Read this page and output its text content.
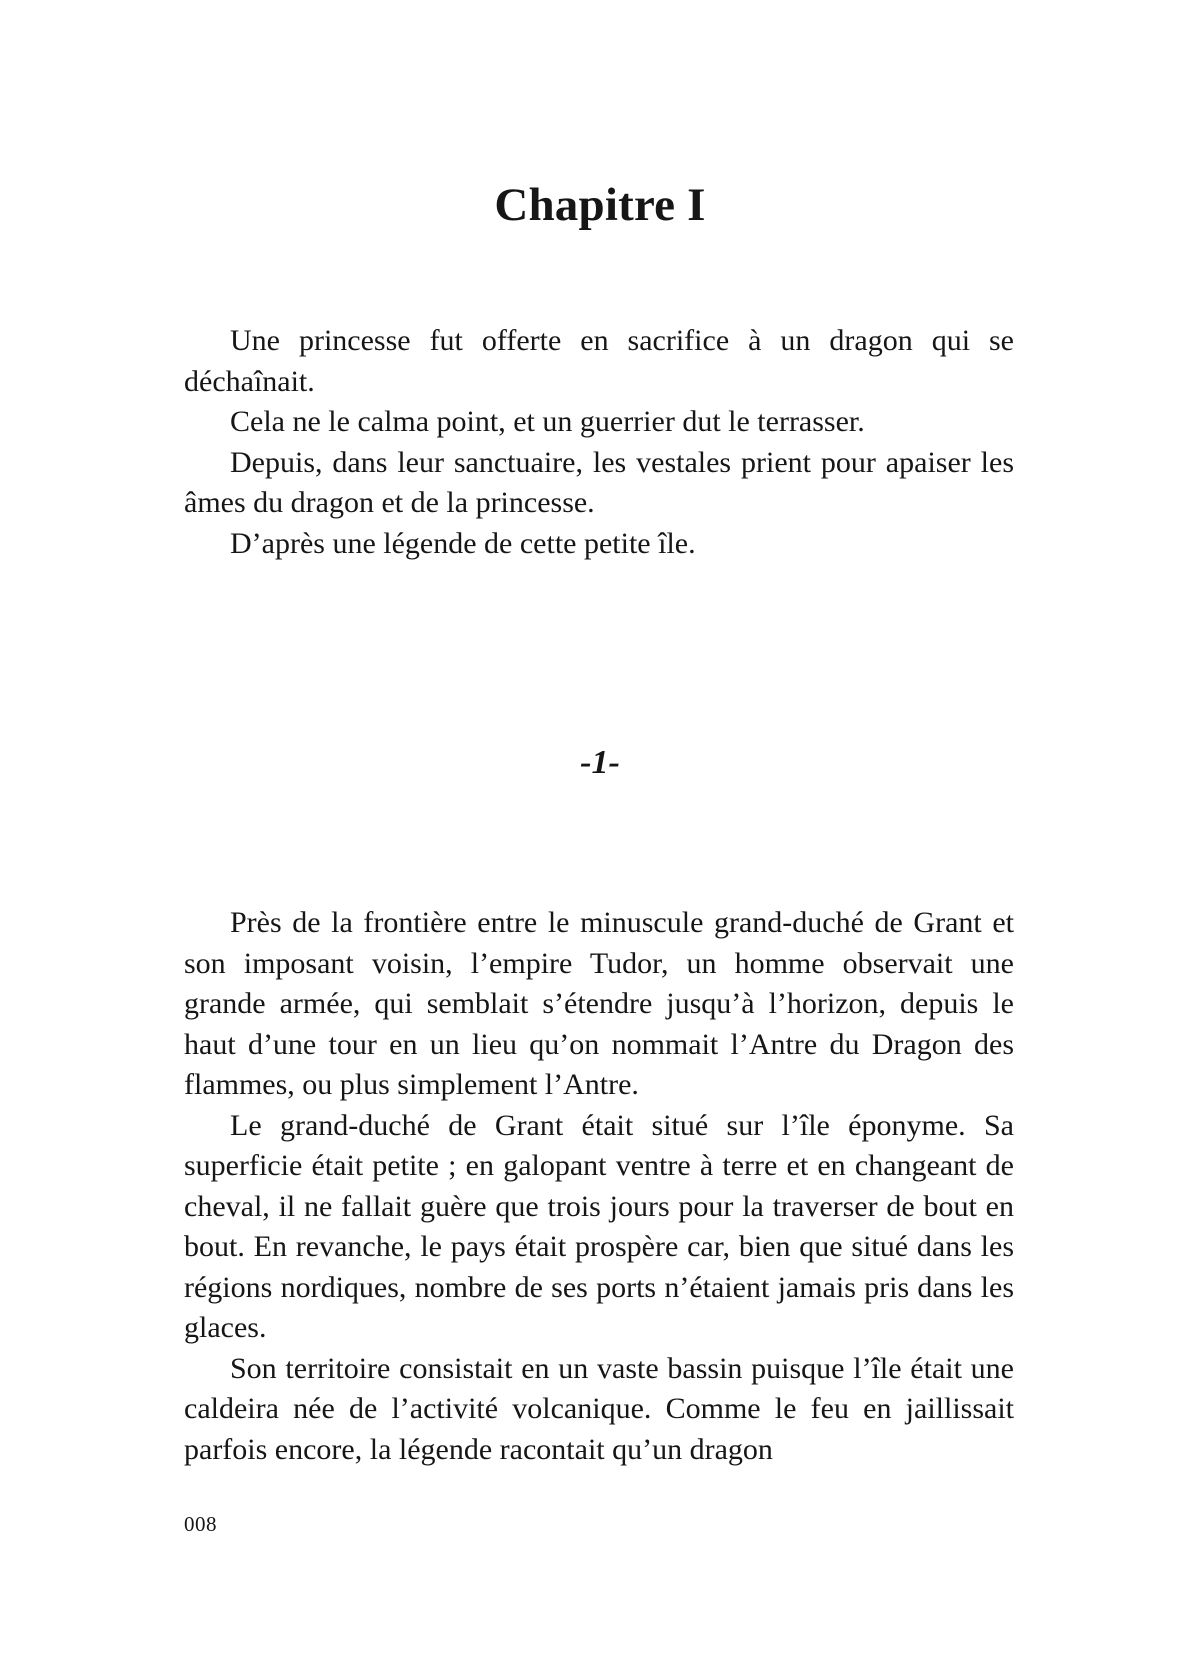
Chapitre I

Une princesse fut offerte en sacrifice à un dragon qui se déchaînait.

Cela ne le calma point, et un guerrier dut le terrasser.

Depuis, dans leur sanctuaire, les vestales prient pour apaiser les âmes du dragon et de la princesse.

D’après une légende de cette petite île.

-1-

Près de la frontière entre le minuscule grand-duché de Grant et son imposant voisin, l’empire Tudor, un homme observait une grande armée, qui semblait s’étendre jusqu’à l’horizon, depuis le haut d’une tour en un lieu qu’on nommait l’Antre du Dragon des flammes, ou plus simplement l’Antre.

Le grand-duché de Grant était situé sur l’île éponyme. Sa superficie était petite ; en galopant ventre à terre et en changeant de cheval, il ne fallait guère que trois jours pour la traverser de bout en bout. En revanche, le pays était prospère car, bien que situé dans les régions nordiques, nombre de ses ports n’étaient jamais pris dans les glaces.

Son territoire consistait en un vaste bassin puisque l’île était une caldeira née de l’activité volcanique. Comme le feu en jaillissait parfois encore, la légende racontait qu’un dragon

008
